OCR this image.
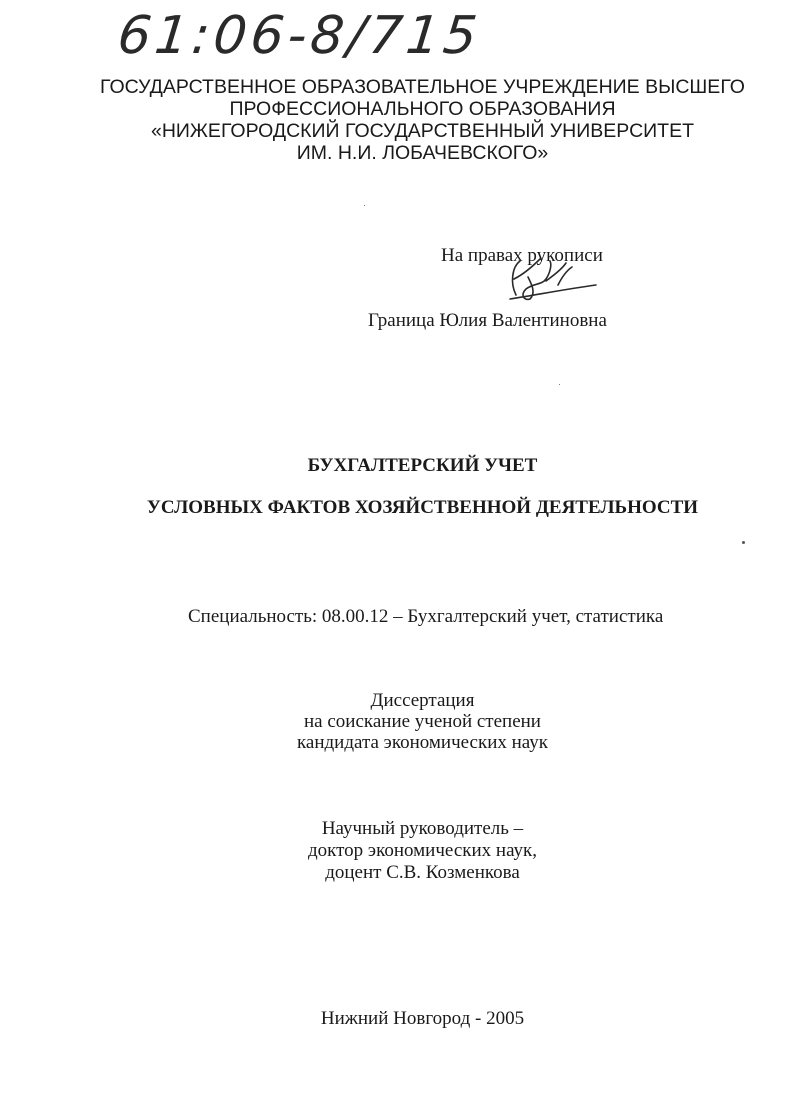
61:06-8/715
ГОСУДАРСТВЕННОЕ ОБРАЗОВАТЕЛЬНОЕ УЧРЕЖДЕНИЕ ВЫСШЕГО
ПРОФЕССИОНАЛЬНОГО ОБРАЗОВАНИЯ
«НИЖЕГОРОДСКИЙ ГОСУДАРСТВЕННЫЙ УНИВЕРСИТЕТ
ИМ. Н.И. ЛОБАЧЕВСКОГО»
На правах рукописи
Граница Юлия Валентиновна
БУХГАЛТЕРСКИЙ УЧЕТ
УСЛОВНЫХ ФАКТОВ ХОЗЯЙСТВЕННОЙ ДЕЯТЕЛЬНОСТИ
Специальность: 08.00.12 – Бухгалтерский учет, статистика
Диссертация
на соискание ученой степени
кандидата экономических наук
Научный руководитель –
доктор экономических наук,
доцент С.В. Козменкова
Нижний Новгород - 2005
